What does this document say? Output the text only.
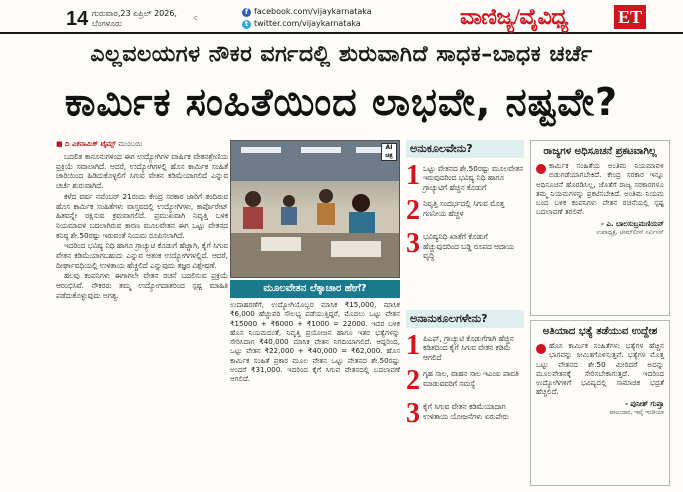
14 ಗುರುವಾರ,23 ಏಪ್ರಿಲ್ 2026,
ಬೆಂಗಳೂರು
c
f facebook.com/vijaykarnataka
t twitter.com/vijaykarnataka	ವಾಣಿಜ್ಯ/ವೈವಿಧ್ಯ	ET
ಎಲ್ಲವಲಯಗಳ ನೌಕರ ವರ್ಗದಲ್ಲಿ ಶುರುವಾಗಿದೆ ಸಾಧಕ–ಬಾಧಕ ಚರ್ಚೆ
ಕಾರ್ಮಿಕ ಸಂಹಿತೆಯಿಂದ ಲಾಭವೇ, ನಷ್ಟವೇ?
■ ದಿ ಎಕನಾಮಿಕ್ ಟೈಮ್ಸ್ ಮುಂಬಯಿ

ಬದಲಿತ ಕಾನೂನುಗಳಿಂದ ಈಗ ಉದ್ಯೋಗಿಗಳ ವಾರ್ಷಿಕ ವೇತನಶ್ರೇಣಿಯ ಪ್ರಕ್ರಿಯೆ ಸವಾಲಾಗಿದೆ. ಆದರೆ, ಉದ್ಯೋಗಿಗಳಲ್ಲಿ ಹೊಸ ಕಾರ್ಮಿಕ ಸಂಹಿತೆ ಜಾರಿಯಿಂದ ಹಿಡಿದುಕೊಳ್ಳಲಿಗೆ ಸಿಗುವ ವೇತನ ಕಡಿಮೆಯಾಗಲಿದೆ ಎನ್ನುವ ಚರ್ಚೆ ಶುರುವಾಗಿದೆ.

ಕಳೆದ ವರ್ಷ ನವೆಂಬರ್ 21ರಂದು ಕೇಂದ್ರ ಸರಕಾರ ಜಾರಿಗೆ ತಂದಿರುವ ಹೊಸ ಕಾರ್ಮಿಕ ಸಂಹಿತೆಗಳು ವಾಸ್ತವದಲ್ಲಿ ಉದ್ಯೋಗಿಗಳು, ಕಾರ್ಪೊರೇಟ್ ಹಿತವನ್ನೇ ರಕ್ಷಿಸುವ ಕ್ರಮವಾಗಲಿದೆ. ಪ್ರಮುಖವಾಗಿ ನಿವೃತ್ತಿ ಬಳಿಕ ನಿಯಮಾವಳಿ ಬದಲಾಗಿರುವ ಕಾರಣ ಮೂಲವೇತನ ಈಗ ಒಟ್ಟು ವೇತನದ ಕನಿಷ್ಠ ಶೇ.50ರಷ್ಟು ಇರುವಂತೆ ನಿಯಮ ರೂಪಿಸಲಾಗಿದೆ.

ಇದರಿಂದ ಭವಿಷ್ಯ ನಿಧಿ ಹಾಗೂ ಗ್ರಾಚ್ಯುಟಿ ಕೊಡುಗೆ ಹೆಚ್ಚಾಗಿ, ಕೈಗೆ ಸಿಗುವ ವೇತನ ಕಡಿಮೆಯಾಗಬಹುದು ಎನ್ನುವ ಆತಂಕ ಉದ್ಯೋಗಿಗಳಲ್ಲಿದೆ. ಆದರೆ, ದೀರ್ಘಾವಧಿಯಲ್ಲಿ ಉಳಿತಾಯ ಹೆಚ್ಚಲಿದೆ ಎನ್ನುವುದು ತಜ್ಞರ ವಿಶ್ಲೇಷಣೆ.

ಹಲವು ಕಂಪನಿಗಳು ಈಗಾಗಲೇ ವೇತನ ರಚನೆ ಬದಲಿಸುವ ಪ್ರಕ್ರಿಯೆ ಆರಂಭಿಸಿವೆ. ನೌಕರರು ತಮ್ಮ ಉದ್ಯೋಗದಾತರಿಂದ ಸ್ಪಷ್ಟ ಮಾಹಿತಿ ಪಡೆದುಕೊಳ್ಳುವುದು ಅಗತ್ಯ.

AI ಚಿತ್ರ
ಮೂಲವೇತನ ಲೆಕ್ಕಾಚಾರ ಹೇಗೆ?
ಉದಾಹರಣೆಗೆ, ಉದ್ಯೋಗಿಯೊಬ್ಬರ ಮಾಸಿಕ ₹15,000, ಮಾಸಿಕ ₹6,000 ಹೆಚ್ಚುವರಿ ಸೌಲಭ್ಯ ಪಡೆಯುತ್ತಿದ್ದರೆ, ಮೊದಲು ಒಟ್ಟು ವೇತನ ₹15000 + ₹6000 + ₹1000 = 22000. ಇದರ ಬಳಿಕ ಹೊಸ ನಿಯಮದಂತೆ, ನಿವೃತ್ತಿ ಪ್ರಯೋಜನ ಹಾಗೂ ಇತರ ಭತ್ಯೆಗಳನ್ನು ಸೇರಿಸಿದಾಗ ₹40,000 ಮಾಸಿಕ ವೇತನ ನಿಗದಿಯಾಗಲಿದೆ. ಆದ್ದರಿಂದ, ಒಟ್ಟು ವೇತನ ₹22,000 + ₹40,000 = ₹62,000. ಹೊಸ ಕಾರ್ಮಿಕ ಸಂಹಿತೆ ಪ್ರಕಾರ ಮೂಲ ವೇತನ ಒಟ್ಟು ವೇತನದ ಶೇ.50ರಷ್ಟು ಅಂದರೆ ₹31,000. ಇದರಿಂದ ಕೈಗೆ ಸಿಗುವ ವೇತನದಲ್ಲಿ ಬದಲಾವಣೆ ಆಗಲಿದೆ.
ಅನುಕೂಲವೇನು?
1 ಒಟ್ಟು ವೇತನದ ಶೇ.50ರಷ್ಟು ಮೂಲವೇತನ ಇರುವುದರಿಂದ ಭವಿಷ್ಯ ನಿಧಿ ಹಾಗೂ ಗ್ರಾಚ್ಯುಟಿಗೆ ಹೆಚ್ಚಿನ ಕೊಡುಗೆ
2 ನಿವೃತ್ತಿ ಸಂದರ್ಭದಲ್ಲಿ ಸಿಗುವ ಮೊತ್ತ ಗಣನೀಯ ಹೆಚ್ಚಳ
3 ಭವಿಷ್ಯನಿಧಿ ಖಾತೆಗೆ ಕೊಡುಗೆ ಹೆಚ್ಚುವುದರಿಂದ ಬಡ್ಡಿ ರೂಪದ ಆದಾಯ ವೃದ್ಧಿ
ಅನಾನುಕೂಲಗಳೇನು?
1 ಪಿಎಫ್, ಗ್ರಾಚ್ಯುಟಿ ಕೊಡುಗೆಗಾಗಿ ಹೆಚ್ಚಿನ ಕಡಿತದಿಂದ ಕೈಗೆ ಸಿಗುವ ವೇತನ ಕಡಿಮೆ ಆಗಲಿದೆ
2 ಗೃಹ ಸಾಲ, ವಾಹನ ಸಾಲ ಇಎಂಐ ಪಾವತಿ ಮಾಡುವವರಿಗೆ ಸಮಸ್ಯೆ
3 ಕೈಗೆ ಸಿಗುವ ವೇತನ ಕಡಿಮೆಯಾದಾಗ ಉಳಿತಾಯ ಯೋಜನೆಗಳು ಏರುಪೇರು
ರಾಜ್ಯಗಳ ಅಧಿಸೂಚನೆ ಪ್ರಕಟವಾಗಿಲ್ಲ
ಕಾರ್ಮಿಕ ಸಂಹಿತೆಯ ಅಂತಿಮ ನಿಯಮಾವಳಿ ಬಿಡುಗಡೆಯಾಗಬೇಕಿದೆ. ಕೇಂದ್ರ ಸರಕಾರ ಇನ್ನೂ ಅಧಿಸೂಚನೆ ಹೊರಡಿಸಿಲ್ಲ, ಜೊತೆಗೆ ರಾಜ್ಯ ಸರಕಾರಗಳೂ ತಮ್ಮ ನಿಯಮಗಳನ್ನು ಪ್ರಕಟಿಸಬೇಕಿದೆ. ಅಂತಿಮ ನಿಯಮ ಬಂದ ಬಳಿಕ ಕಂಪನಿಗಳು ವೇತನ ರಚನೆಯಲ್ಲಿ ಸ್ಪಷ್ಟ ಬದಲಾವಣೆ ತರಲಿವೆ.
- ಎ. ಬಾಲಸುಬ್ರಮಣಿಯನ್
ಉಪಾಧ್ಯಕ್ಷ, ಟೀಮ್‌ಲೀಸ್ ಸರ್ವಿಸಸ್
ಅತಿಯಾದ ಭತ್ಯೆ ತಡೆಯುವ ಉದ್ದೇಶ
ಹೊಸ ಕಾರ್ಮಿಕ ಸಂಹಿತೆಗಳು ಭತ್ಯೆಗಳ ಹೆಚ್ಚಿನ ಭಾಗವನ್ನು ಸೀಮಿತಗೊಳಿಸುತ್ತವೆ. ಭತ್ಯೆಗಳ ಮೊತ್ತ ಒಟ್ಟು ವೇತನದ ಶೇ.50 ಮೀರಿದರೆ ಅದನ್ನು ಮೂಲವೇತನಕ್ಕೆ ಸೇರಿಸಬೇಕಾಗುತ್ತದೆ. ಇದರಿಂದ ಉದ್ಯೋಗಿಗಳಿಗೆ ಭವಿಷ್ಯದಲ್ಲಿ ಸಾಮಾಜಿಕ ಭದ್ರತೆ ಹೆಚ್ಚಲಿದೆ.
- ಪುನೀತ್ ಗುಪ್ತಾ
ಪಾಲುದಾರ, ಇವೈ ಇಂಡಿಯಾ
